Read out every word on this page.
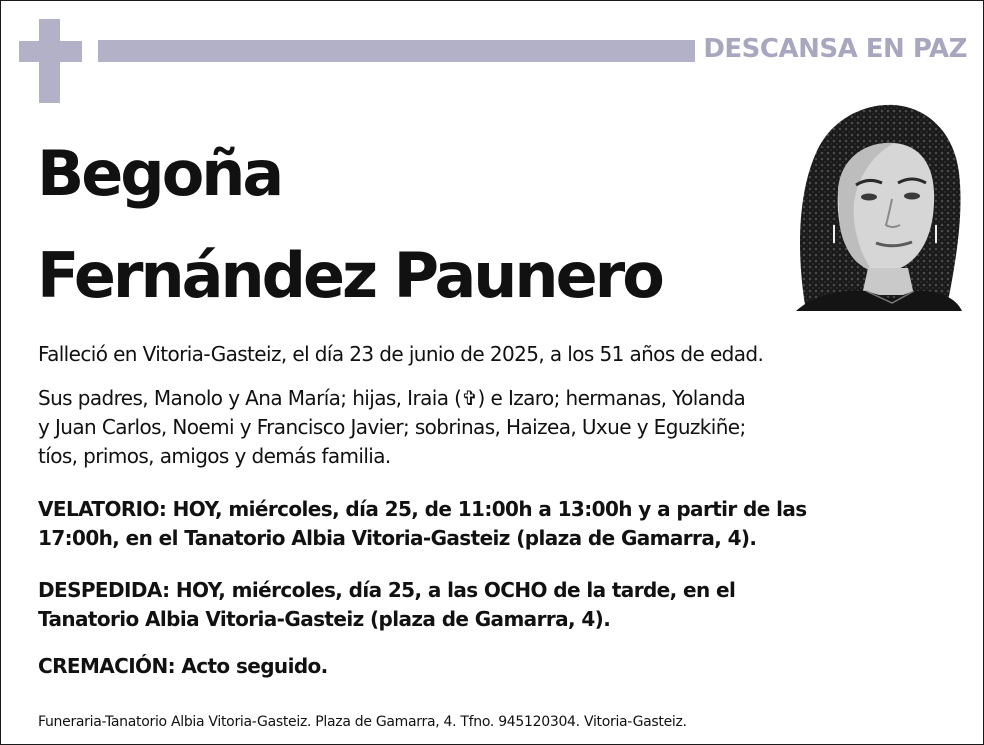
DESCANSA EN PAZ
Begoña
Fernández Paunero
Falleció en Vitoria-Gasteiz, el día 23 de junio de 2025, a los 51 años de edad.
Sus padres, Manolo y Ana María; hijas, Iraia (✞) e Izaro; hermanas, Yolanda
y Juan Carlos, Noemi y Francisco Javier; sobrinas, Haizea, Uxue y Eguzkiñe;
tíos, primos, amigos y demás familia.
VELATORIO: HOY, miércoles, día 25, de 11:00h a 13:00h y a partir de las
17:00h, en el Tanatorio Albia Vitoria-Gasteiz (plaza de Gamarra, 4).
DESPEDIDA: HOY, miércoles, día 25, a las OCHO de la tarde, en el
Tanatorio Albia Vitoria-Gasteiz (plaza de Gamarra, 4).
CREMACIÓN: Acto seguido.
Funeraria-Tanatorio Albia Vitoria-Gasteiz. Plaza de Gamarra, 4. Tfno. 945120304. Vitoria-Gasteiz.
